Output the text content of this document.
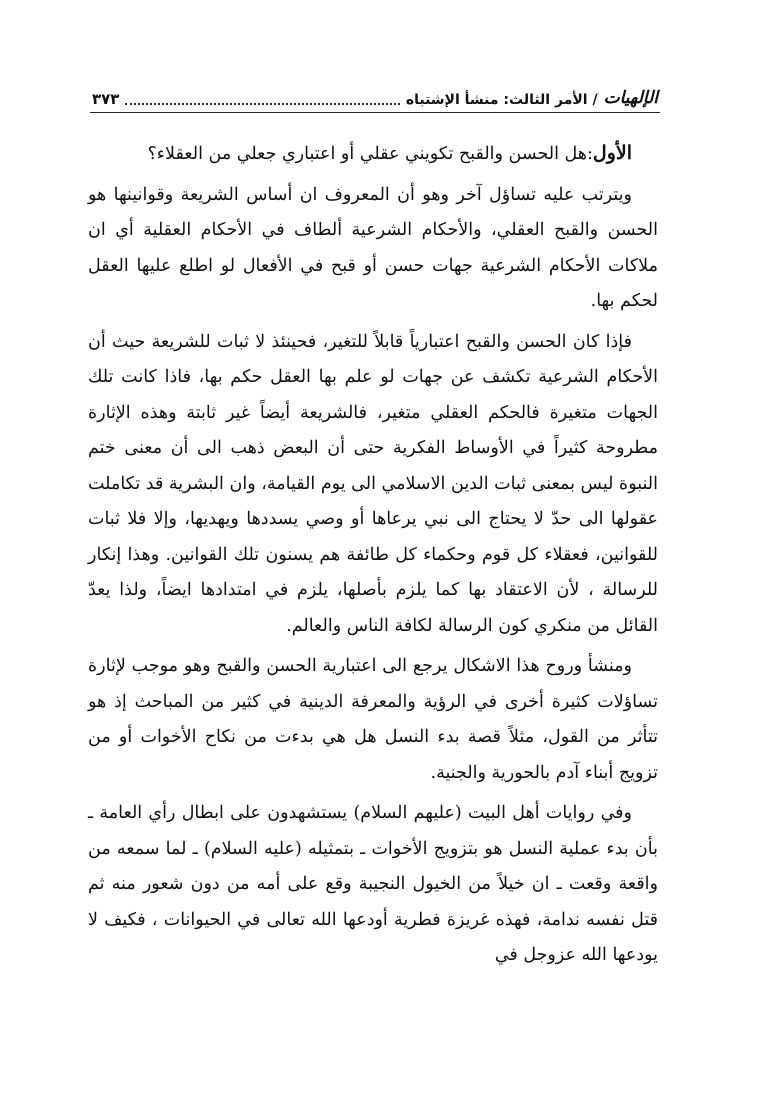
الإلهيات
/ الأمر الثالث: منشأ الإشتباه
٣٧٣

الأول:هل الحسن والقبح تكويني عقلي أو اعتباري جعلي من العقلاء؟

ويترتب عليه تساؤل آخر وهو أن المعروف ان أساس الشريعة وقوانينها هو الحسن والقبح العقلي، والأحكام الشرعية ألطاف في الأحكام العقلية أي ان ملاكات الأحكام الشرعية جهات حسن أو قبح في الأفعال لو اطلع عليها العقل لحكم بها.

فإذا كان الحسن والقبح اعتبارياً قابلاً للتغير، فحينئذ لا ثبات للشريعة حيث أن الأحكام الشرعية تكشف عن جهات لو علم بها العقل حكم بها، فاذا كانت تلك الجهات متغيرة فالحكم العقلي متغير، فالشريعة أيضاً غير ثابتة وهذه الإثارة مطروحة كثيراً في الأوساط الفكرية حتى أن البعض ذهب الى أن معنى ختم النبوة ليس بمعنى ثبات الدين الاسلامي الى يوم القيامة، وان البشرية قد تكاملت عقولها الى حدّ لا يحتاج الى نبي يرعاها أو وصي يسددها ويهديها، وإلا فلا ثبات للقوانين، فعقلاء كل قوم وحكماء كل طائفة هم يسنون تلك القوانين. وهذا إنكار للرسالة ، لأن الاعتقاد بها كما يلزم بأصلها، يلزم في امتدادها ايضاً، ولذا يعدّ القائل من منكري كون الرسالة لكافة الناس والعالم.

ومنشأ وروح هذا الاشكال يرجع الى اعتبارية الحسن والقبح وهو موجب لإثارة تساؤلات كثيرة أخرى في الرؤية والمعرفة الدينية في كثير من المباحث إذ هو تتأثر من القول، مثلاً قصة بدء النسل هل هي بدءت من نكاح الأخوات أو من تزويج أبناء آدم بالحورية والجنية.

وفي روايات أهل البيت (عليهم السلام) يستشهدون على ابطال رأي العامة ـ بأن بدء عملية النسل هو بتزويج الأخوات ـ بتمثيله (عليه السلام) ـ لما سمعه من واقعة وقعت ـ ان خيلاً من الخيول النجيبة وقع على أمه من دون شعور منه ثم قتل نفسه ندامة، فهذه غريزة فطرية أودعها الله تعالى في الحيوانات ، فكيف لا يودعها الله عزوجل في
